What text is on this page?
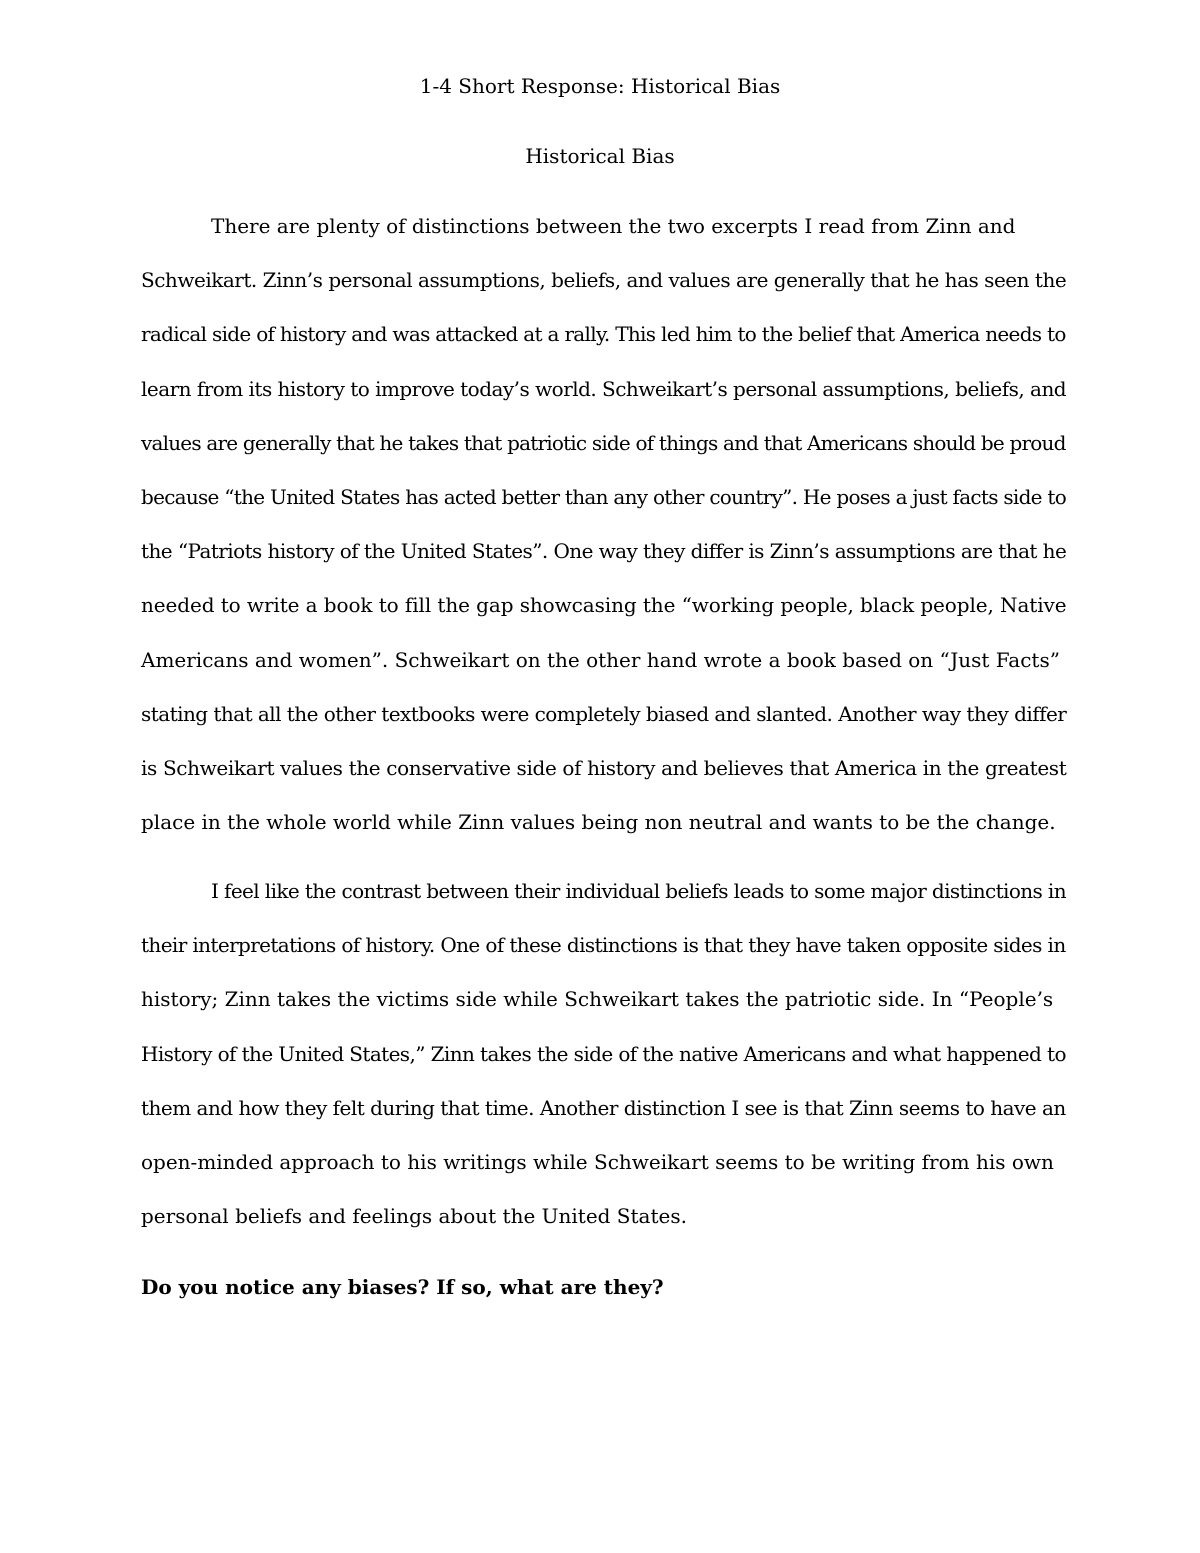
1-4 Short Response: Historical Bias
Historical Bias
There are plenty of distinctions between the two excerpts I read from Zinn and
Schweikart. Zinn’s personal assumptions, beliefs, and values are generally that he has seen the
radical side of history and was attacked at a rally. This led him to the belief that America needs to
learn from its history to improve today’s world. Schweikart’s personal assumptions, beliefs, and
values are generally that he takes that patriotic side of things and that Americans should be proud
because “the United States has acted better than any other country”. He poses a just facts side to
the “Patriots history of the United States”. One way they differ is Zinn’s assumptions are that he
needed to write a book to fill the gap showcasing the “working people, black people, Native
Americans and women”. Schweikart on the other hand wrote a book based on “Just Facts”
stating that all the other textbooks were completely biased and slanted. Another way they differ
is Schweikart values the conservative side of history and believes that America in the greatest
place in the whole world while Zinn values being non neutral and wants to be the change.
I feel like the contrast between their individual beliefs leads to some major distinctions in
their interpretations of history. One of these distinctions is that they have taken opposite sides in
history; Zinn takes the victims side while Schweikart takes the patriotic side. In “People’s
History of the United States,” Zinn takes the side of the native Americans and what happened to
them and how they felt during that time. Another distinction I see is that Zinn seems to have an
open-minded approach to his writings while Schweikart seems to be writing from his own
personal beliefs and feelings about the United States.
Do you notice any biases? If so, what are they?
